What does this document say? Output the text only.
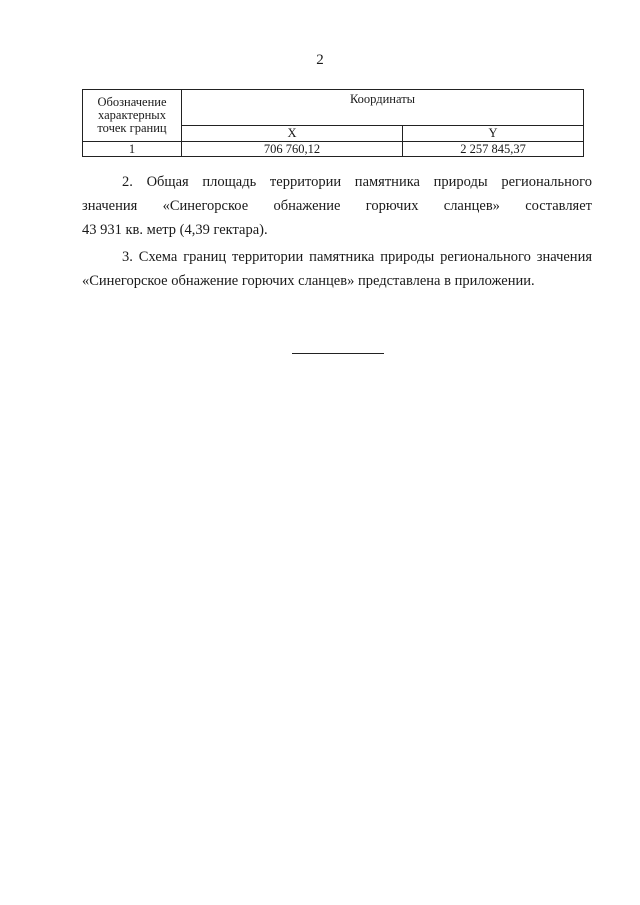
2
Обозначение
характерных
точек границ	Координаты	
	X	Y
1	706 760,12	2 257 845,37
2. Общая площадь территории памятника природы регионального
значения «Синегорское обнажение горючих сланцев» составляет
43 931 кв. метр (4,39 гектара).
3. Схема границ территории памятника природы регионального значения
«Синегорское обнажение горючих сланцев» представлена в приложении.
